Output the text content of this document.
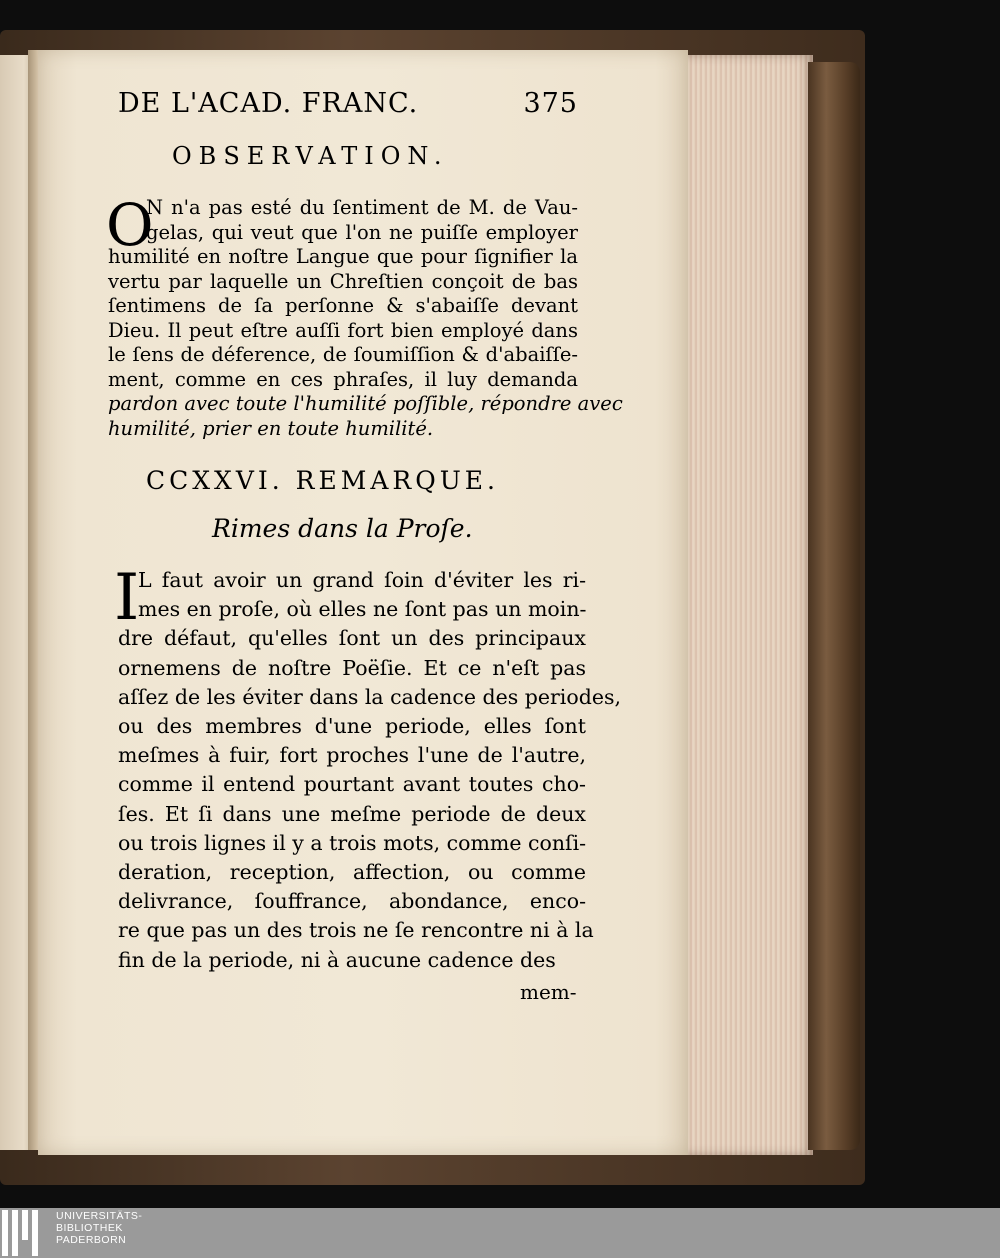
DE L'ACAD. FRANC.	375
OBSERVATION.
O
N n'a pas esté du ſentiment de M. de Vau-
gelas, qui veut que l'on ne puiſſe employer
humilité en noſtre Langue que pour ſignifier la
vertu par laquelle un Chreſtien conçoit de bas
ſentimens de ſa perſonne & s'abaiſſe devant
Dieu. Il peut eſtre auſſi fort bien employé dans
le ſens de déference, de ſoumiſſion & d'abaiſſe-
ment, comme en ces phraſes, il luy demanda
pardon avec toute l'humilité poſſible, répondre avec
humilité, prier en toute humilité.
CCXXVI. REMARQUE.
Rimes dans la Proſe.
I
L faut avoir un grand ſoin d'éviter les ri-
mes en proſe, où elles ne ſont pas un moin-
dre défaut, qu'elles ſont un des principaux
ornemens de noſtre Poëſie. Et ce n'eſt pas
aſſez de les éviter dans la cadence des periodes,
ou des membres d'une periode, elles ſont
meſmes à fuir, fort proches l'une de l'autre,
comme il entend pourtant avant toutes cho-
ſes. Et ſi dans une meſme periode de deux
ou trois lignes il y a trois mots, comme conſi-
deration, reception, affection, ou comme
delivrance, ſouffrance, abondance, enco-
re que pas un des trois ne ſe rencontre ni à la
fin de la periode, ni à aucune cadence des
mem-
UNIVERSITÄTS-
BIBLIOTHEK
PADERBORN
